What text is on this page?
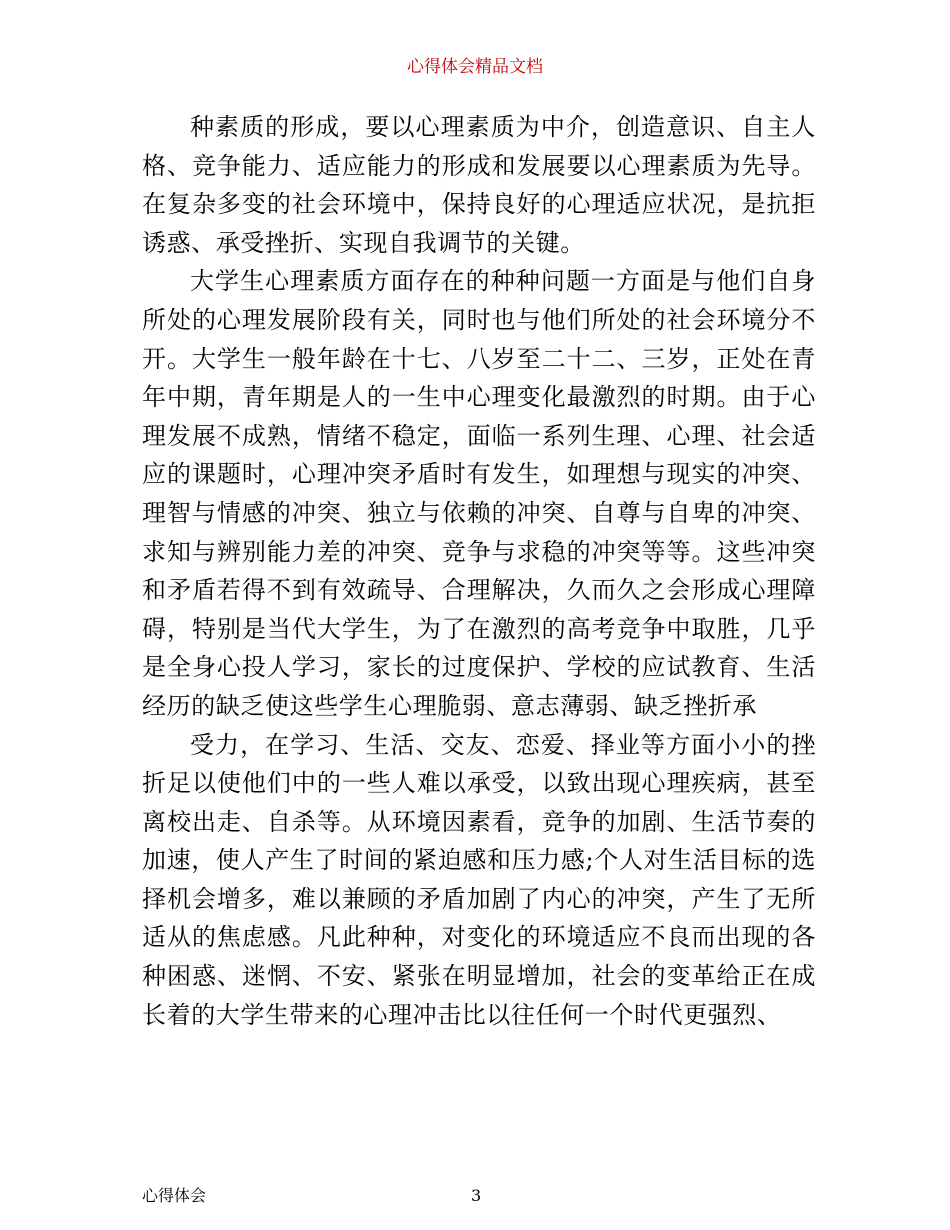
心得体会精品文档

种素质的形成，要以心理素质为中介，创造意识、自主人格、竞争能力、适应能力的形成和发展要以心理素质为先导。在复杂多变的社会环境中，保持良好的心理适应状况，是抗拒诱惑、承受挫折、实现自我调节的关键。

大学生心理素质方面存在的种种问题一方面是与他们自身所处的心理发展阶段有关，同时也与他们所处的社会环境分不开。大学生一般年龄在十七、八岁至二十二、三岁，正处在青年中期，青年期是人的一生中心理变化最激烈的时期。由于心理发展不成熟，情绪不稳定，面临一系列生理、心理、社会适应的课题时，心理冲突矛盾时有发生，如理想与现实的冲突、理智与情感的冲突、独立与依赖的冲突、自尊与自卑的冲突、求知与辨别能力差的冲突、竞争与求稳的冲突等等。这些冲突和矛盾若得不到有效疏导、合理解决，久而久之会形成心理障碍，特别是当代大学生，为了在激烈的高考竞争中取胜，几乎是全身心投人学习，家长的过度保护、学校的应试教育、生活经历的缺乏使这些学生心理脆弱、意志薄弱、缺乏挫折承

受力，在学习、生活、交友、恋爱、择业等方面小小的挫折足以使他们中的一些人难以承受，以致出现心理疾病，甚至离校出走、自杀等。从环境因素看，竞争的加剧、生活节奏的加速，使人产生了时间的紧迫感和压力感;个人对生活目标的选择机会增多，难以兼顾的矛盾加剧了内心的冲突，产生了无所适从的焦虑感。凡此种种，对变化的环境适应不良而出现的各种困惑、迷惘、不安、紧张在明显增加，社会的变革给正在成长着的大学生带来的心理冲击比以往任何一个时代更强烈、

心得体会	3
